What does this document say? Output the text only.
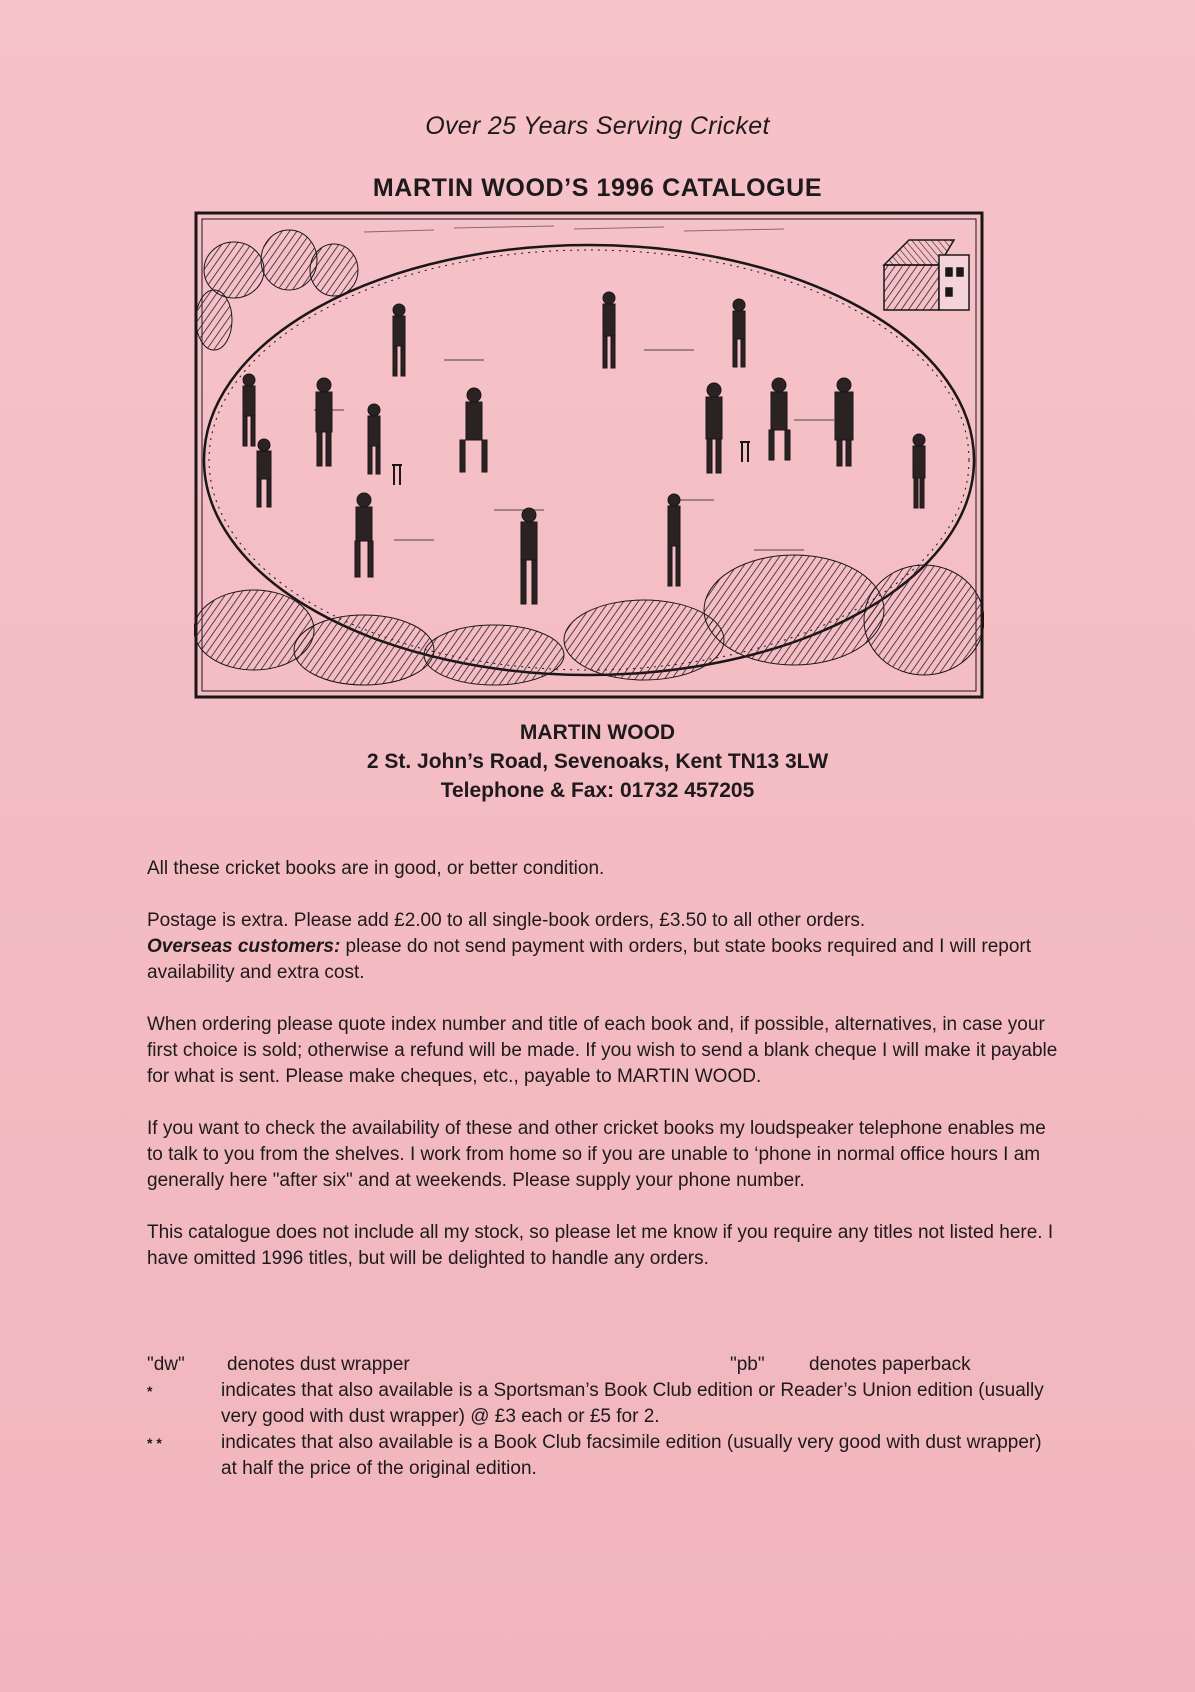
Over 25 Years Serving Cricket
MARTIN WOOD’S 1996 CATALOGUE
MARTIN WOOD
2 St. John’s Road, Sevenoaks, Kent TN13 3LW
Telephone & Fax: 01732 457205

All these cricket books are in good, or better condition.

Postage is extra. Please add £2.00 to all single-book orders, £3.50 to all other orders.
Overseas customers: please do not send payment with orders, but state books required and I will report availability and extra cost.

When ordering please quote index number and title of each book and, if possible, alternatives, in case your first choice is sold; otherwise a refund will be made. If you wish to send a blank cheque I will make it payable for what is sent. Please make cheques, etc., payable to MARTIN WOOD.

If you want to check the availability of these and other cricket books my loudspeaker telephone enables me to talk to you from the shelves. I work from home so if you are unable to ‘phone in normal office hours I am generally here "after six" and at weekends. Please supply your phone number.

This catalogue does not include all my stock, so please let me know if you require any titles not listed here. I have omitted 1996 titles, but will be delighted to handle any orders.

"dw" denotes dust wrapper	"pb" denotes paperback
*	indicates that also available is a Sportsman’s Book Club edition or Reader’s Union edition (usually very good with dust wrapper) @ £3 each or £5 for 2.
* *	indicates that also available is a Book Club facsimile edition (usually very good with dust wrapper) at half the price of the original edition.
